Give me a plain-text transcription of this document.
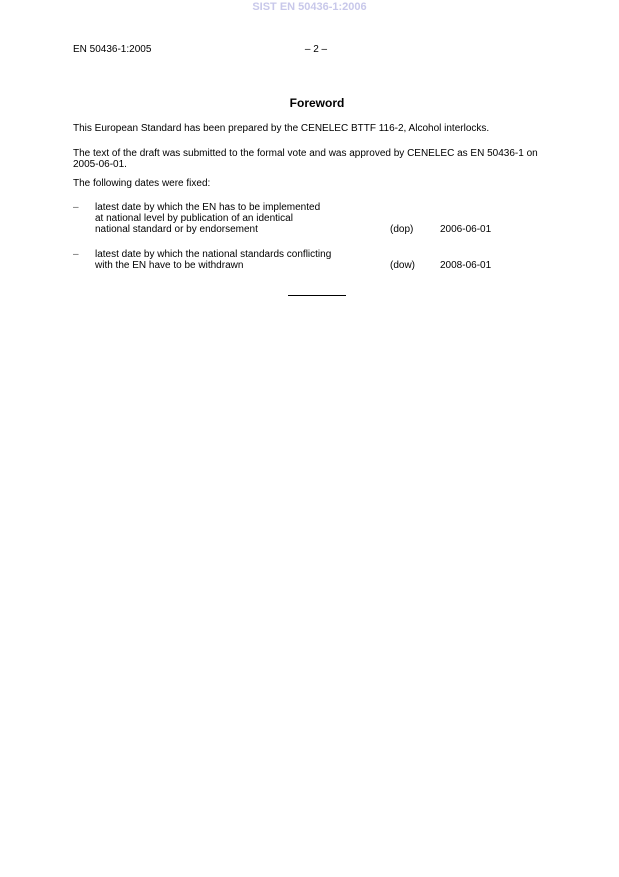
SIST EN 50436-1:2006
EN 50436-1:2005	– 2 –
Foreword
This European Standard has been prepared by the CENELEC BTTF 116-2, Alcohol interlocks.
The text of the draft was submitted to the formal vote and was approved by CENELEC as EN 50436-1 on
2005-06-01.
The following dates were fixed:
– latest date by which the EN has to be implemented
at national level by publication of an identical
national standard or by endorsement	(dop)	2006-06-01
– latest date by which the national standards conflicting
with the EN have to be withdrawn	(dow) 2008-06-01
